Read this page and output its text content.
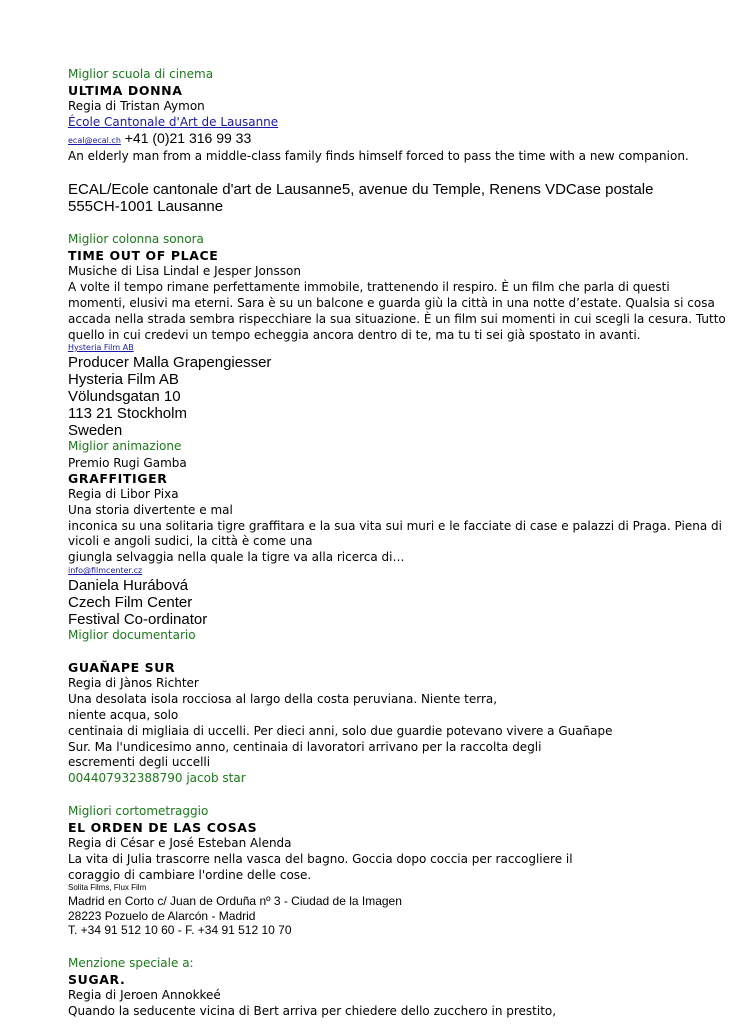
Miglior scuola di cinema
ULTIMA DONNA
Regia di Tristan Aymon
École Cantonale d'Art de Lausanne
ecal@ecal.ch +41 (0)21 316 99 33
An elderly man from a middle-class family finds himself forced to pass the time with a new companion.
ECAL/Ecole cantonale d'art de Lausanne5, avenue du Temple, Renens VDCase postale
555CH-1001 Lausanne
Miglior colonna sonora
TIME OUT OF PLACE
Musiche di Lisa Lindal e Jesper Jonsson
A volte il tempo rimane perfettamente immobile, trattenendo il respiro. È un film che parla di questi
momenti, elusivi ma eterni. Sara è su un balcone e guarda giù la città in una notte d’estate. Qualsia si cosa
accada nella strada sembra rispecchiare la sua situazione. È un film sui momenti in cui scegli la cesura. Tutto
quello in cui credevi un tempo echeggia ancora dentro di te, ma tu ti sei già spostato in avanti.
Hysteria Film AB
Producer Malla Grapengiesser
Hysteria Film AB
Völundsgatan 10
113 21 Stockholm
Sweden
Miglior animazione
Premio Rugi Gamba
GRAFFITIGER
Regia di Libor Pixa
Una storia divertente e mal
inconica su una solitaria tigre graffitara e la sua vita sui muri e le facciate di case e palazzi di Praga. Piena di
vicoli e angoli sudici, la città è come una
giungla selvaggia nella quale la tigre va alla ricerca di…
info@filmcenter.cz
Daniela Hurábová
Czech Film Center
Festival Co-ordinator
Miglior documentario
GUAÑAPE SUR
Regia di Jànos Richter
Una desolata isola rocciosa al largo della costa peruviana. Niente terra,
niente acqua, solo
centinaia di migliaia di uccelli. Per dieci anni, solo due guardie potevano vivere a Guañape
Sur. Ma l'undicesimo anno, centinaia di lavoratori arrivano per la raccolta degli
escrementi degli uccelli
004407932388790 jacob star
Migliori cortometraggio
EL ORDEN DE LAS COSAS
Regia di César e José Esteban Alenda
La vita di Julia trascorre nella vasca del bagno. Goccia dopo coccia per raccogliere il
coraggio di cambiare l'ordine delle cose.
Solita Films, Flux Film
Madrid en Corto c/ Juan de Orduña nº 3 - Ciudad de la Imagen
28223 Pozuelo de Alarcón - Madrid
T. +34 91 512 10 60 - F. +34 91 512 10 70
Menzione speciale a:
SUGAR.
Regia di Jeroen Annokkeé
Quando la seducente vicina di Bert arriva per chiedere dello zucchero in prestito,
